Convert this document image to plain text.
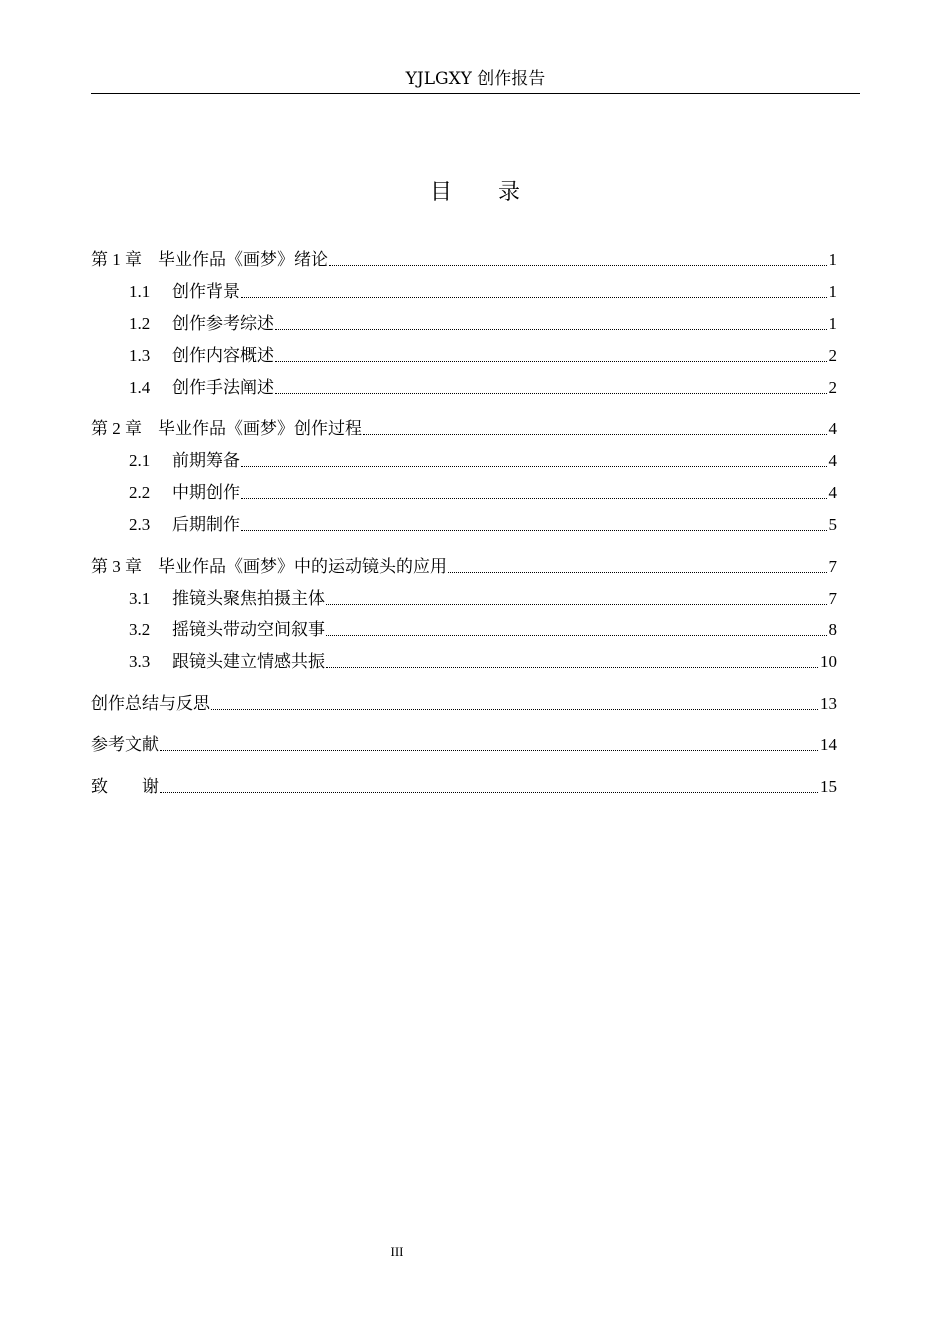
YJLGXY 创作报告
目 录
第 1 章 毕业作品《画梦》绪论	1
1.1	创作背景	1
1.2	创作参考综述	1
1.3	创作内容概述	2
1.4	创作手法阐述	2
第 2 章 毕业作品《画梦》创作过程	4
2.1	前期筹备	4
2.2	中期创作	4
2.3	后期制作	5
第 3 章 毕业作品《画梦》中的运动镜头的应用	7
3.1	推镜头聚焦拍摄主体	7
3.2	摇镜头带动空间叙事	8
3.3	跟镜头建立情感共振	10
创作总结与反思	13
参考文献	14
致　　谢	15
III
